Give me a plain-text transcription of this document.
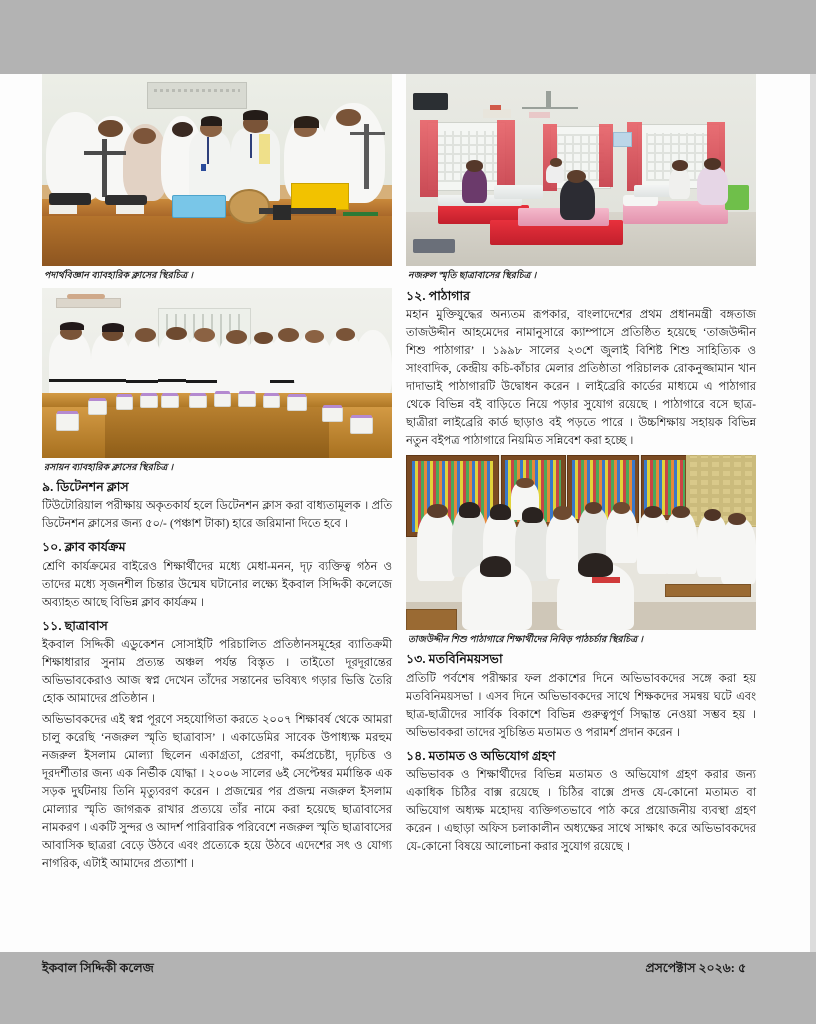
পদার্থবিজ্ঞান ব্যাবহারিক ক্লাসের স্থিরচিত্র ।
রসায়ন ব্যাবহারিক ক্লাসের স্থিরচিত্র ।
৯. ডিটেনশন ক্লাস

টিউটোরিয়াল পরীক্ষায় অকৃতকার্য হলে ডিটেনশন ক্লাস করা বাধ্যতামূলক । প্রতি ডিটেনশন ক্লাসের জন্য ৫০/- (পঞ্চাশ টাকা) হারে জরিমানা দিতে হবে ।

১০. ক্লাব কার্যক্রম

শ্রেণি কার্যক্রমের বাইরেও শিক্ষার্থীদের মধ্যে মেধা-মনন, দৃঢ় ব্যক্তিত্ব গঠন ও তাদের মধ্যে সৃজনশীল চিন্তার উন্মেষ ঘটানোর লক্ষ্যে ইকবাল সিদ্দিকী কলেজে অব্যাহত আছে বিভিন্ন ক্লাব কার্যক্রম ।

১১. ছাত্রাবাস

ইকবাল সিদ্দিকী এডুকেশন সোসাইটি পরিচালিত প্রতিষ্ঠানসমূহের ব্যাতিক্রমী শিক্ষাধারার সুনাম প্রত্যন্ত অঞ্চল পর্যন্ত বিস্তৃত । তাইতো দূরদূরান্তের অভিভাবকেরাও আজ স্বপ্ন দেখেন তাঁদের সন্তানের ভবিষ্যৎ গড়ার ভিত্তি তৈরি হোক আমাদের প্রতিষ্ঠান ।

অভিভাবকদের এই স্বপ্ন পূরণে সহযোগিতা করতে ২০০৭ শিক্ষাবর্ষ থেকে আমরা চালু করেছি ‘নজরুল স্মৃতি ছাত্রাবাস’ । একাডেমির সাবেক উপাধ্যক্ষ মরহুম নজরুল ইসলাম মোল্যা ছিলেন একাগ্রতা, প্রেরণা, কর্মপ্রচেষ্টা, দৃঢ়চিত্ত ও দূরদর্শীতার জন্য এক নির্ভীক যোদ্ধা । ২০০৬ সালের ৬ই সেপ্টেম্বর মর্মান্তিক এক সড়ক দুর্ঘটনায় তিনি মৃত্যুবরণ করেন । প্রজন্মের পর প্রজন্ম নজরুল ইসলাম মোল্যার স্মৃতি জাগরূক রাখার প্রত্যয়ে তাঁর নামে করা হয়েছে ছাত্রাবাসের নামকরণ । একটি সুন্দর ও আদর্শ পারিবারিক পরিবেশে নজরুল স্মৃতি ছাত্রাবাসের আবাসিক ছাত্ররা বেড়ে উঠবে এবং প্রত্যেকে হয়ে উঠবে এদেশের সৎ ও যোগ্য নাগরিক, এটাই আমাদের প্রত্যাশা ।

নজরুল স্মৃতি ছাত্রাবাসের স্থিরচিত্র ।
১২. পাঠাগার

মহান মুক্তিযুদ্ধের অন্যতম রূপকার, বাংলাদেশের প্রথম প্রধানমন্ত্রী বঙ্গতাজ তাজউদ্দীন আহমেদের নামানুসারে ক্যাম্পাসে প্রতিষ্ঠিত হয়েছে ‘তাজউদ্দীন শিশু পাঠাগার’ । ১৯৯৮ সালের ২৩শে জুলাই বিশিষ্ট শিশু সাহিত্যিক ও সাংবাদিক, কেন্দ্রীয় কচি-কাঁচার মেলার প্রতিষ্ঠাতা পরিচালক রোকনুজ্জামান খান দাদাভাই পাঠাগারটি উদ্বোধন করেন । লাইব্রেরি কার্ডের মাধ্যমে এ পাঠাগার থেকে বিভিন্ন বই বাড়িতে নিয়ে পড়ার সুযোগ রয়েছে । পাঠাগারে বসে ছাত্র-ছাত্রীরা লাইব্রেরি কার্ড ছাড়াও বই পড়তে পারে । উচ্চশিক্ষায় সহায়ক বিভিন্ন নতুন বইপত্র পাঠাগারে নিয়মিত সন্নিবেশ করা হচ্ছে ।

তাজউদ্দীন শিশু পাঠাগারে শিক্ষার্থীদের নিবিড় পাঠচর্চার স্থিরচিত্র ।
১৩. মতবিনিময়সভা

প্রতিটি পর্বশেষ পরীক্ষার ফল প্রকাশের দিনে অভিভাবকদের সঙ্গে করা হয় মতবিনিময়সভা । এসব দিনে অভিভাবকদের সাথে শিক্ষকদের সমন্বয় ঘটে এবং ছাত্র-ছাত্রীদের সার্বিক বিকাশে বিভিন্ন গুরুত্বপূর্ণ সিদ্ধান্ত নেওয়া সম্ভব হয় । অভিভাবকরা তাদের সুচিন্তিত মতামত ও পরামর্শ প্রদান করেন ।

১৪. মতামত ও অভিযোগ গ্রহণ

অভিভাবক ও শিক্ষার্থীদের বিভিন্ন মতামত ও অভিযোগ গ্রহণ করার জন্য একাধিক চিঠির বাক্স রয়েছে । চিঠির বাক্সে প্রদত্ত যে-কোনো মতামত বা অভিযোগ অধ্যক্ষ মহোদয় ব্যক্তিগতভাবে পাঠ করে প্রয়োজনীয় ব্যবস্থা গ্রহণ করেন । এছাড়া অফিস চলাকালীন অধ্যক্ষের সাথে সাক্ষাৎ করে অভিভাবকদের যে-কোনো বিষয়ে আলোচনা করার সুযোগ রয়েছে ।

ইকবাল সিদ্দিকী কলেজ	প্রসপেক্টাস ২০২৬: ৫
